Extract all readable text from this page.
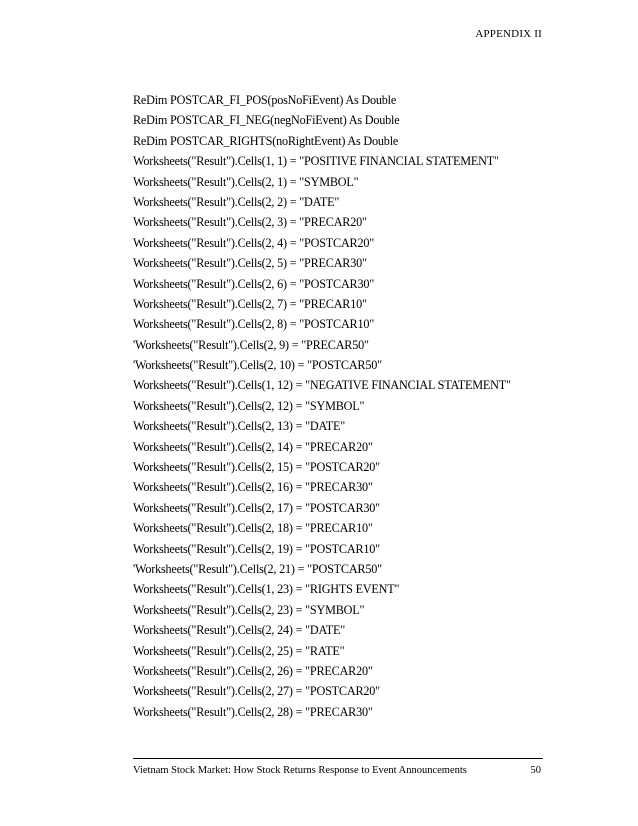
APPENDIX II
ReDim POSTCAR_FI_POS(posNoFiEvent) As Double
ReDim POSTCAR_FI_NEG(negNoFiEvent) As Double
ReDim POSTCAR_RIGHTS(noRightEvent) As Double
Worksheets("Result").Cells(1, 1) = "POSITIVE FINANCIAL STATEMENT"
Worksheets("Result").Cells(2, 1) = "SYMBOL"
Worksheets("Result").Cells(2, 2) = "DATE"
Worksheets("Result").Cells(2, 3) = "PRECAR20"
Worksheets("Result").Cells(2, 4) = "POSTCAR20"
Worksheets("Result").Cells(2, 5) = "PRECAR30"
Worksheets("Result").Cells(2, 6) = "POSTCAR30"
Worksheets("Result").Cells(2, 7) = "PRECAR10"
Worksheets("Result").Cells(2, 8) = "POSTCAR10"
'Worksheets("Result").Cells(2, 9) = "PRECAR50"
'Worksheets("Result").Cells(2, 10) = "POSTCAR50"
Worksheets("Result").Cells(1, 12) = "NEGATIVE FINANCIAL STATEMENT"
Worksheets("Result").Cells(2, 12) = "SYMBOL"
Worksheets("Result").Cells(2, 13) = "DATE"
Worksheets("Result").Cells(2, 14) = "PRECAR20"
Worksheets("Result").Cells(2, 15) = "POSTCAR20"
Worksheets("Result").Cells(2, 16) = "PRECAR30"
Worksheets("Result").Cells(2, 17) = "POSTCAR30"
Worksheets("Result").Cells(2, 18) = "PRECAR10"
Worksheets("Result").Cells(2, 19) = "POSTCAR10"
'Worksheets("Result").Cells(2, 21) = "POSTCAR50"
Worksheets("Result").Cells(1, 23) = "RIGHTS EVENT"
Worksheets("Result").Cells(2, 23) = "SYMBOL"
Worksheets("Result").Cells(2, 24) = "DATE"
Worksheets("Result").Cells(2, 25) = "RATE"
Worksheets("Result").Cells(2, 26) = "PRECAR20"
Worksheets("Result").Cells(2, 27) = "POSTCAR20"
Worksheets("Result").Cells(2, 28) = "PRECAR30"
Vietnam Stock Market: How Stock Returns Response to Event Announcements	50
